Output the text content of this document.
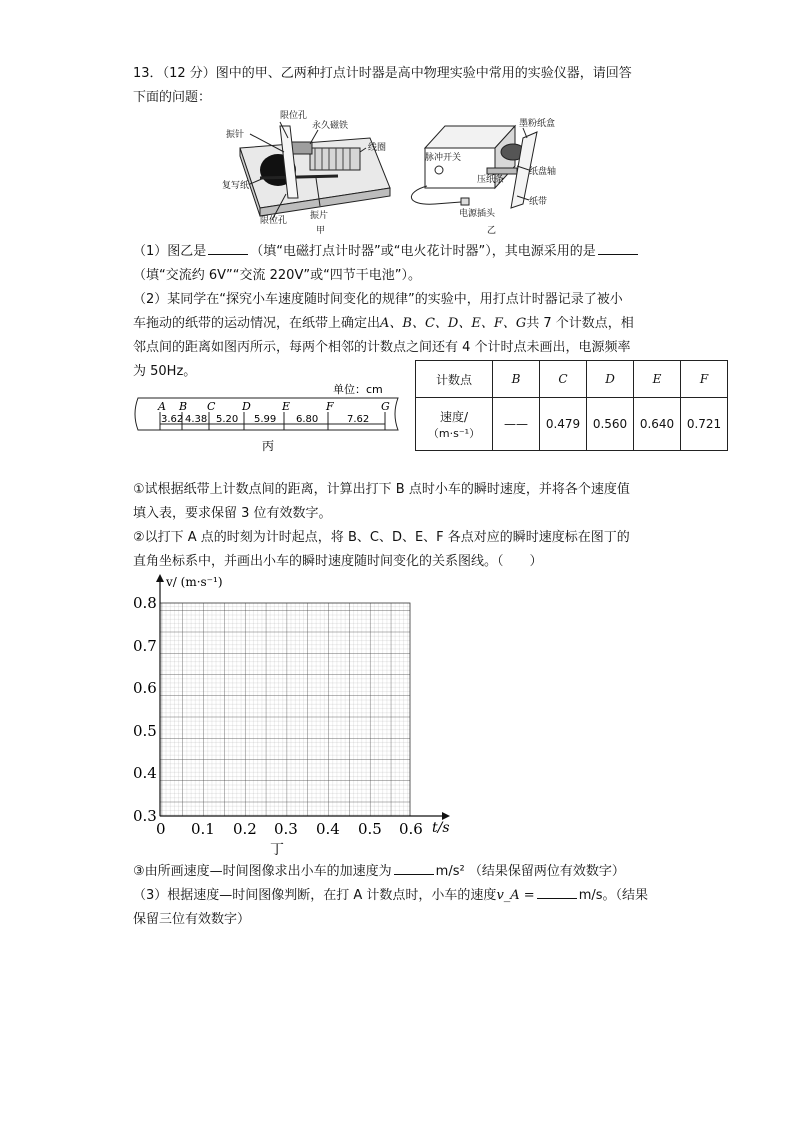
13．（12 分）图中的甲、乙两种打点计时器是高中物理实验中常用的实验仪器，请回答
下面的问题：
振针
限位孔
永久磁铁
线圈
复写纸
限位孔	振片
甲
脉冲开关
压纸条
墨粉纸盒
纸盘轴
纸带
电源插头
乙
（1）图乙是	（填“电磁打点计时器”或“电火花计时器”），其电源采用的是
（填“交流约 6V”“交流 220V”或“四节干电池”）。
（2）某同学在“探究小车速度随时间变化的规律”的实验中，用打点计时器记录了被小
车拖动的纸带的运动情况，在纸带上确定出A、B、C、D、E、F、G共 7 个计数点，相
邻点间的距离如图丙所示，每两个相邻的计数点之间还有 4 个计时点未画出，电源频率
为 50Hz。
单位：cm
A B C D	E	F	G
3.62 4.38 5.20 5.99 6.80	7.62
丙
计数点	B	C	D	E	F

速度/
（m·s⁻¹）	——	0.479	0.560	0.640	0.721
①试根据纸带上计数点间的距离，计算出打下 B 点时小车的瞬时速度，并将各个速度值
填入表，要求保留 3 位有效数字。
②以打下 A 点的时刻为计时起点，将 B、C、D、E、F 各点对应的瞬时速度标在图丁的
直角坐标系中，并画出小车的瞬时速度随时间变化的关系图线。（　　）
v/ (m·s⁻¹)
t/s
0.8
0.7
0.6
0.5
0.4
0.3
0 0.1 0.2 0.3 0.4 0.5 0.6
丁
③由所画速度—时间图像求出小车的加速度为	m/s² （结果保留两位有效数字）
（3）根据速度—时间图像判断，在打 A 计数点时，小车的速度v_A =	m/s。（结果
保留三位有效数字）
